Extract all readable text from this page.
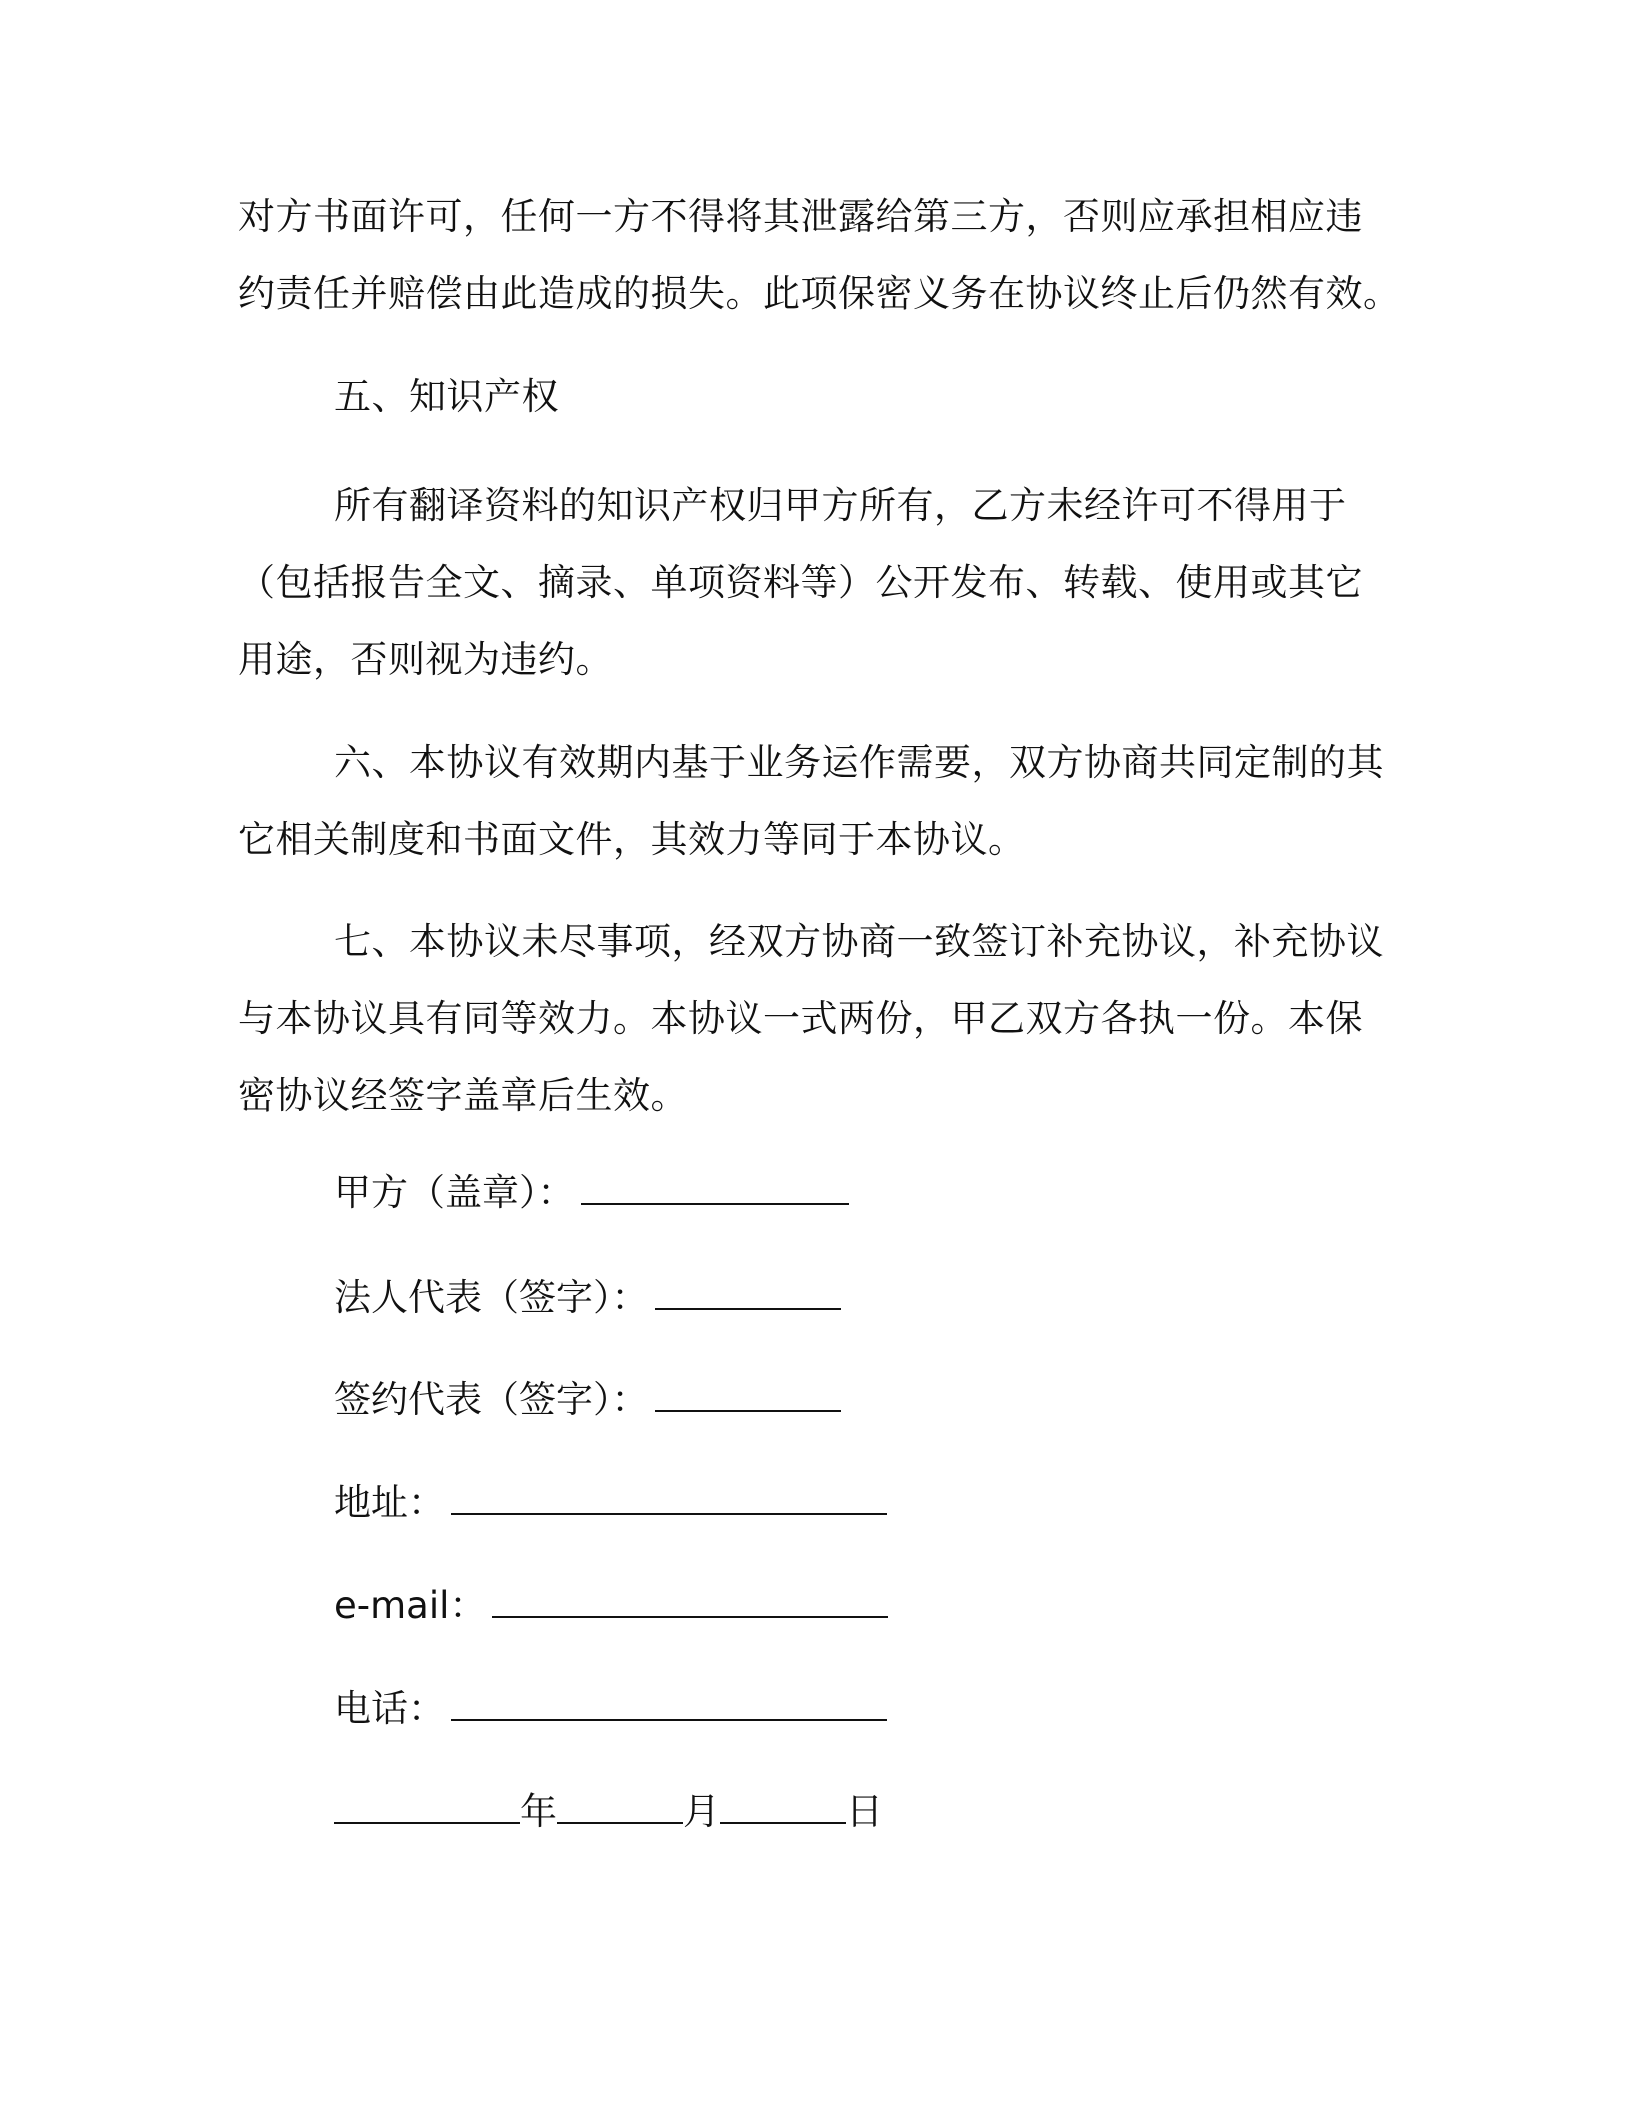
对方书面许可，任何一方不得将其泄露给第三方，否则应承担相应违
约责任并赔偿由此造成的损失。此项保密义务在协议终止后仍然有效。
五、知识产权
所有翻译资料的知识产权归甲方所有，乙方未经许可不得用于
（包括报告全文、摘录、单项资料等）公开发布、转载、使用或其它
用途，否则视为违约。
六、本协议有效期内基于业务运作需要，双方协商共同定制的其
它相关制度和书面文件，其效力等同于本协议。
七、本协议未尽事项，经双方协商一致签订补充协议，补充协议
与本协议具有同等效力。本协议一式两份，甲乙双方各执一份。本保
密协议经签字盖章后生效。
甲方（盖章）：
法人代表（签字）：
签约代表（签字）：
地址：
e-mail：
电话：
年	月	日
